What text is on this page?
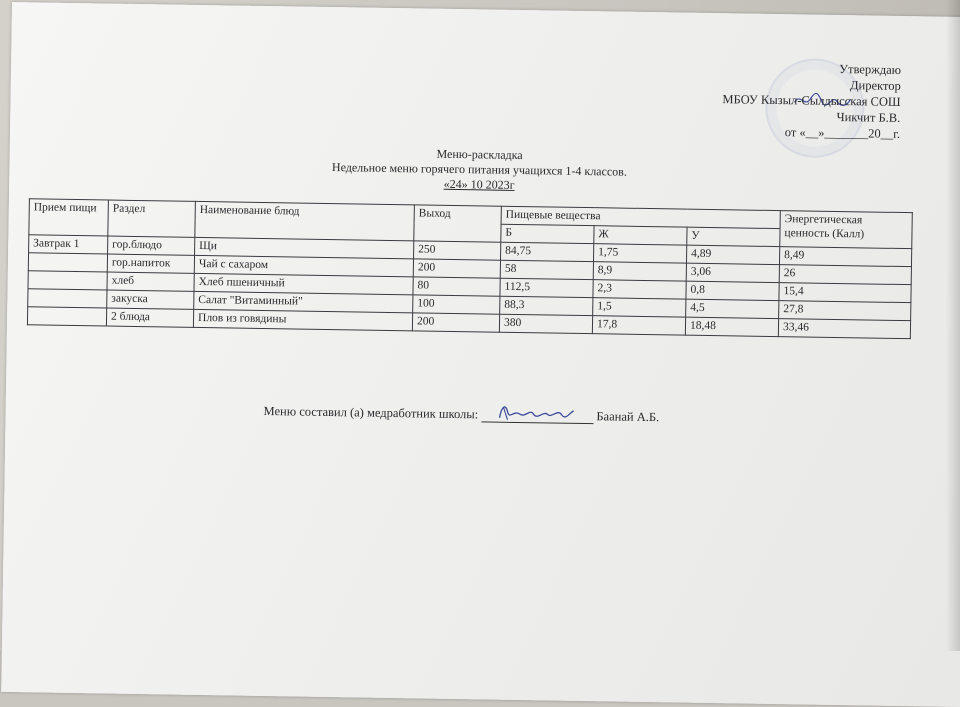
Утверждаю
Директор
МБОУ Кызыл-Сылдысская СОШ
Чикчит Б.В.
от «__»_______20__г.
Меню-раскладка
Недельное меню горячего питания учащихся 1-4 классов.
«24» 10 2023г
Прием пищи	Раздел	Наименование блюд	Выход	Пищевые вещества			Энергетическая ценность (Калл)
				Б	Ж	У	
Завтрак 1	гор.блюдо	Щи	250	84,75	1,75	4,89	8,49
	гор.напиток	Чай с сахаром	200	58	8,9	3,06	26
	хлеб	Хлеб пшеничный	80	112,5	2,3	0,8	15,4
	закуска	Салат "Витаминный"	100	88,3	1,5	4,5	27,8
	2 блюда	Плов из говядины	200	380	17,8	18,48	33,46
Меню составил (а) медработник школы:	Баанай А.Б.
